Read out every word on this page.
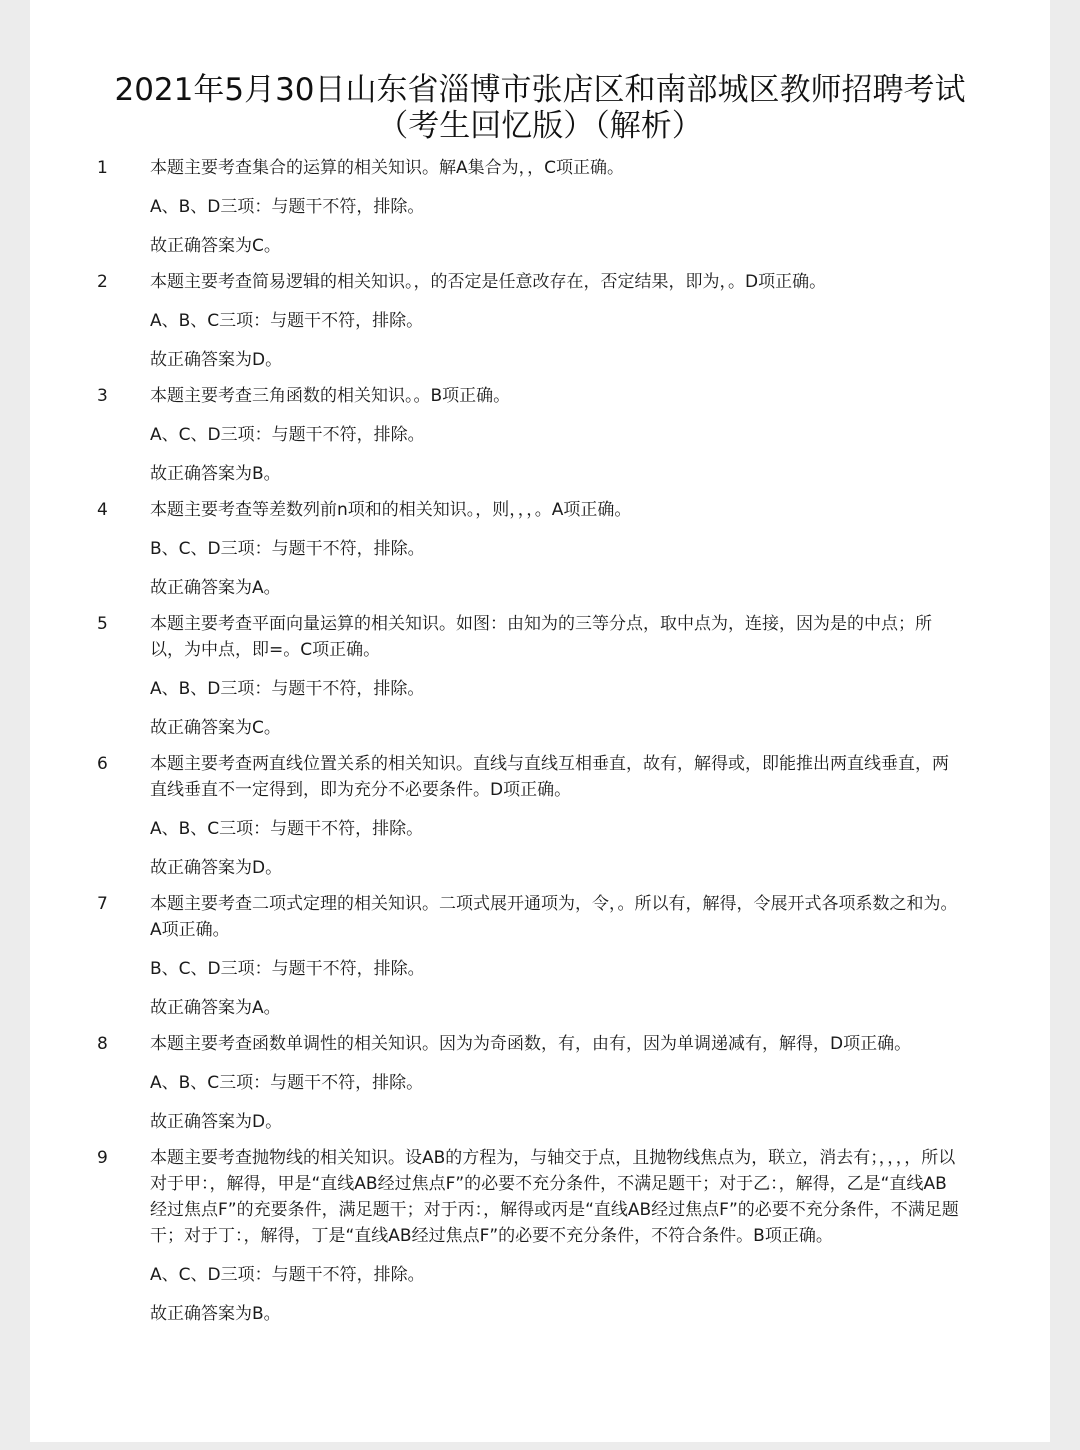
2021年5月30日山东省淄博市张店区和南部城区教师招聘考试
（考生回忆版）（解析）
1 本题主要考查集合的运算的相关知识。解A集合为，，C项正确。

A、B、D三项：与题干不符，排除。

故正确答案为C。

2 本题主要考查简易逻辑的相关知识。，的否定是任意改存在，否定结果，即为，。D项正确。

A、B、C三项：与题干不符，排除。

故正确答案为D。

3 本题主要考查三角函数的相关知识。。B项正确。

A、C、D三项：与题干不符，排除。

故正确答案为B。

4 本题主要考查等差数列前n项和的相关知识。，则，，，。A项正确。

B、C、D三项：与题干不符，排除。

故正确答案为A。

5 本题主要考查平面向量运算的相关知识。如图：由知为的三等分点，取中点为，连接，因为是的中点；所以，为中点，即=。C项正确。

A、B、D三项：与题干不符，排除。

故正确答案为C。

6 本题主要考查两直线位置关系的相关知识。直线与直线互相垂直，故有，解得或，即能推出两直线垂直，两直线垂直不一定得到，即为充分不必要条件。D项正确。

A、B、C三项：与题干不符，排除。

故正确答案为D。

7 本题主要考查二项式定理的相关知识。二项式展开通项为，令，。所以有，解得，令展开式各项系数之和为。A项正确。

B、C、D三项：与题干不符，排除。

故正确答案为A。

8 本题主要考查函数单调性的相关知识。因为为奇函数，有，由有，因为单调递减有，解得，D项正确。

A、B、C三项：与题干不符，排除。

故正确答案为D。

9 本题主要考查抛物线的相关知识。设AB的方程为，与轴交于点，且抛物线焦点为，联立，消去有；，，，，所以对于甲：，解得，甲是“直线AB经过焦点F”的必要不充分条件，不满足题干；对于乙：，解得，乙是“直线AB经过焦点F”的充要条件，满足题干；对于丙：，解得或丙是“直线AB经过焦点F”的必要不充分条件，不满足题干；对于丁：，解得，丁是“直线AB经过焦点F”的必要不充分条件，不符合条件。B项正确。

A、C、D三项：与题干不符，排除。

故正确答案为B。
